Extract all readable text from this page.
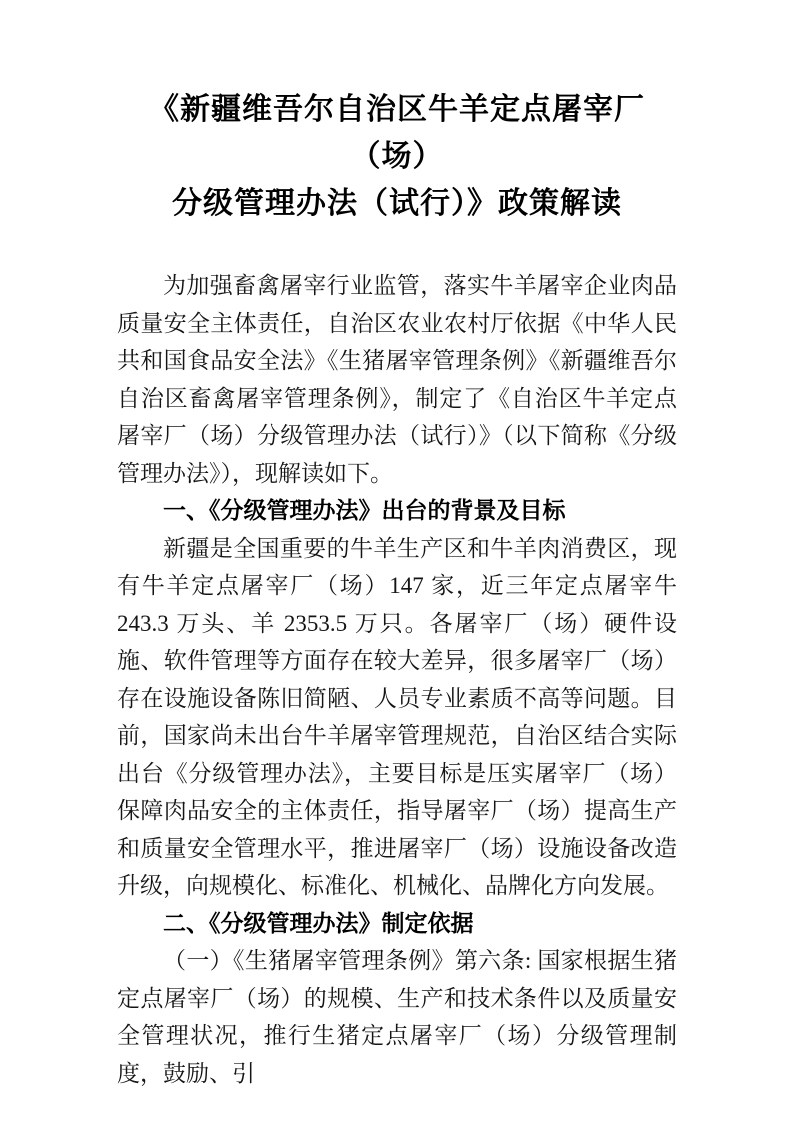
《新疆维吾尔自治区牛羊定点屠宰厂（场）
分级管理办法（试行）》政策解读

为加强畜禽屠宰行业监管，落实牛羊屠宰企业肉品质量安全主体责任，自治区农业农村厅依据《中华人民共和国食品安全法》《生猪屠宰管理条例》《新疆维吾尔自治区畜禽屠宰管理条例》，制定了《自治区牛羊定点屠宰厂（场）分级管理办法（试行）》（以下简称《分级管理办法》），现解读如下。

一、《分级管理办法》出台的背景及目标

新疆是全国重要的牛羊生产区和牛羊肉消费区，现有牛羊定点屠宰厂（场）147 家，近三年定点屠宰牛 243.3 万头、羊 2353.5 万只。各屠宰厂（场）硬件设施、软件管理等方面存在较大差异，很多屠宰厂（场）存在设施设备陈旧简陋、人员专业素质不高等问题。目前，国家尚未出台牛羊屠宰管理规范，自治区结合实际出台《分级管理办法》，主要目标是压实屠宰厂（场）保障肉品安全的主体责任，指导屠宰厂（场）提高生产和质量安全管理水平，推进屠宰厂（场）设施设备改造升级，向规模化、标准化、机械化、品牌化方向发展。

二、《分级管理办法》制定依据

（一）《生猪屠宰管理条例》第六条: 国家根据生猪定点屠宰厂（场）的规模、生产和技术条件以及质量安全管理状况，推行生猪定点屠宰厂（场）分级管理制度，鼓励、引
